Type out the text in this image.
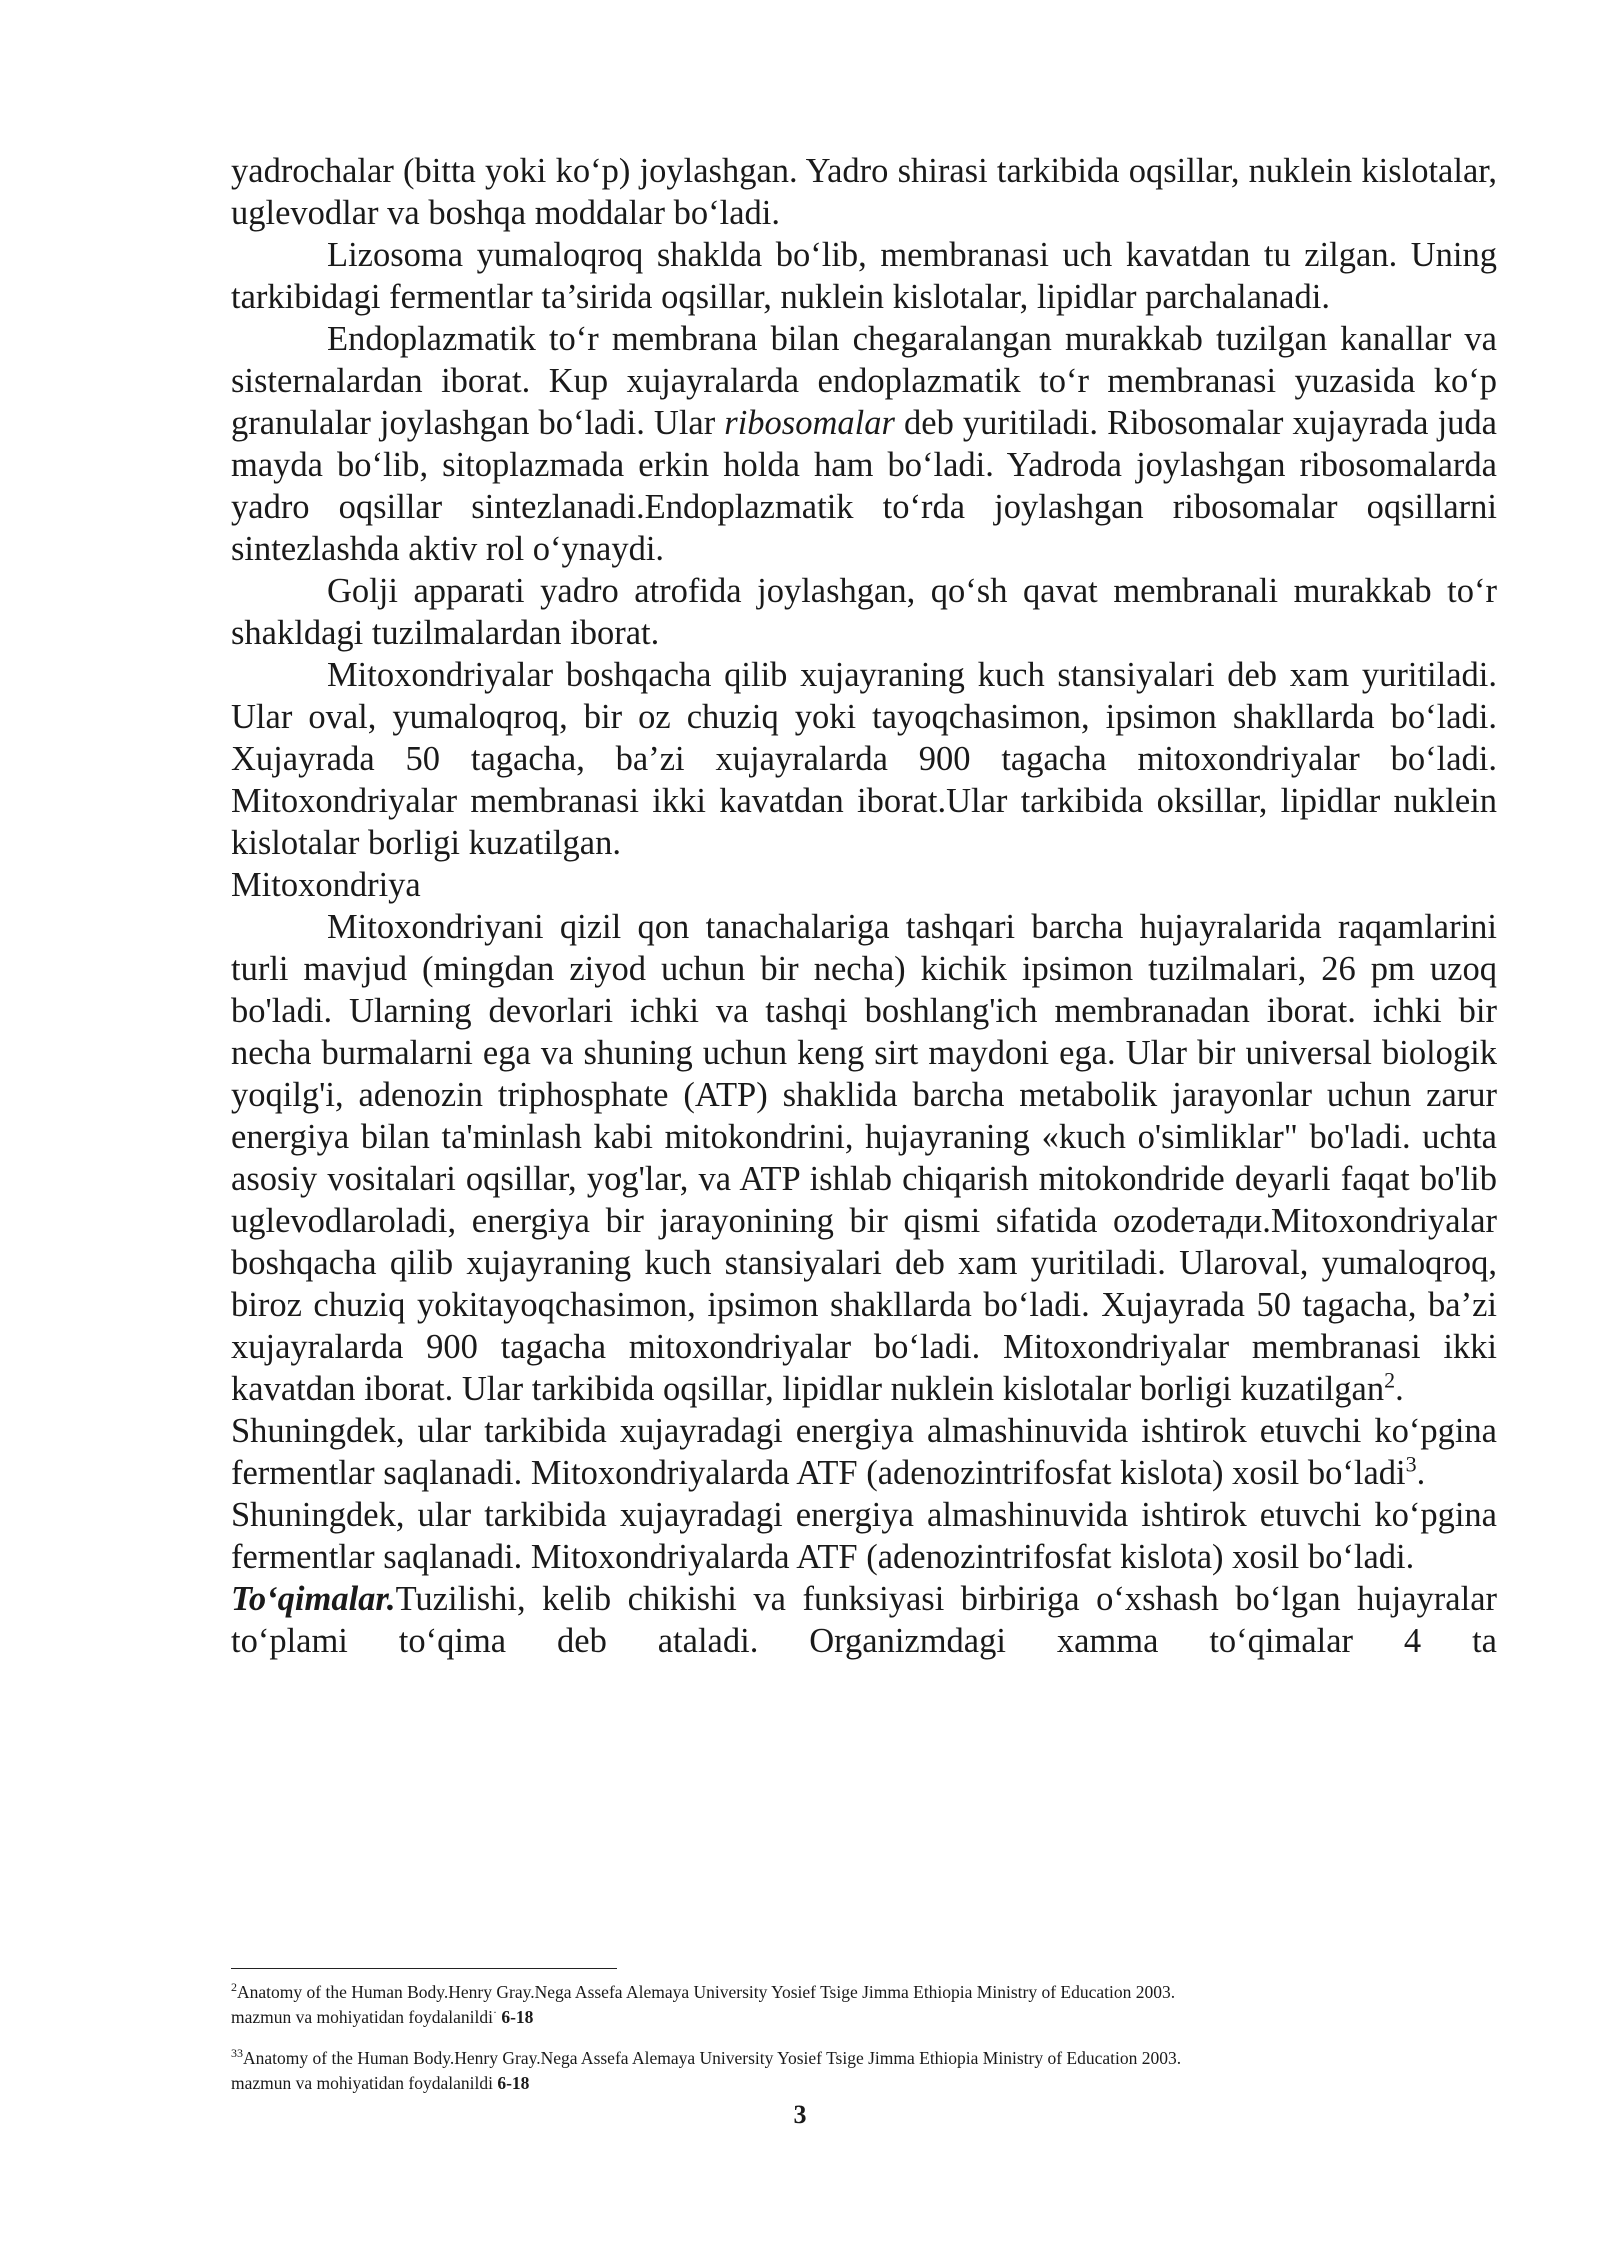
yadrochalar (bitta yoki ko‘p) joylashgan. Yadro shirasi tarkibida oqsillar, nuklein kislotalar, uglevodlar va boshqa moddalar bo‘ladi.

Lizosoma yumaloqroq shaklda bo‘lib, membranasi uch kavatdan tu zilgan. Uning tarkibidagi fermentlar ta’sirida oqsillar, nuklein kislotalar, lipidlar parchalanadi.

Endoplazmatik to‘r membrana bilan chegaralangan murakkab tuzilgan kanallar va sisternalardan iborat. Kup xujayralarda endoplazmatik to‘r membranasi yuzasida ko‘p granulalar joylashgan bo‘ladi. Ular ribosomalar deb yuritiladi. Ribosomalar xujayrada juda mayda bo‘lib, sitoplazmada erkin holda ham bo‘ladi. Yadroda joylashgan ribosomalarda yadro oqsillar sintezlanadi.Endoplazmatik to‘rda joylashgan ribosomalar oqsillarni sintezlashda aktiv rol o‘ynaydi.

Golji apparati yadro atrofida joylashgan, qo‘sh qavat membranali murakkab to‘r shakldagi tuzilmalardan iborat.

Mitoxondriyalar boshqacha qilib xujayraning kuch stansiyalari deb xam yuritiladi. Ular oval, yumaloqroq, bir oz chuziq yoki tayoqchasimon, ipsimon shakllarda bo‘ladi. Xujayrada 50 tagacha, ba’zi xujayralarda 900 tagacha mitoxondriyalar bo‘ladi. Mitoxondriyalar membranasi ikki kavatdan iborat.Ular tarkibida oksillar, lipidlar nuklein kislotalar borligi kuzatilgan.

Mitoxondriya

Mitoxondriyani qizil qon tanachalariga tashqari barcha hujayralarida raqamlarini turli mavjud (mingdan ziyod uchun bir necha) kichik ipsimon tuzilmalari, 26 pm uzoq bo'ladi. Ularning devorlari ichki va tashqi boshlang'ich membranadan iborat. ichki bir necha burmalarni ega va shuning uchun keng sirt maydoni ega. Ular bir universal biologik yoqilg'i, adenozin triphosphate (ATP) shaklida barcha metabolik jarayonlar uchun zarur energiya bilan ta'minlash kabi mitokondrini, hujayraning «kuch o'simliklar" bo'ladi. uchta asosiy vositalari oqsillar, yog'lar, va ATP ishlab chiqarish mitokondride deyarli faqat bo'lib uglevodlaroladi, energiya bir jarayonining bir qismi sifatida ozodeтади.Mitoxondriyalar boshqacha qilib xujayraning kuch stansiyalari deb xam yuritiladi. Ularoval, yumaloqroq, biroz chuziq yokitayoqchasimon, ipsimon shakllarda bo‘ladi. Xujayrada 50 tagacha, ba’zi xujayralarda 900 tagacha mitoxondriyalar bo‘ladi. Mitoxondriyalar membranasi ikki kavatdan iborat. Ular tarkibida oqsillar, lipidlar nuklein kislotalar borligi kuzatilgan$^2$.

Shuningdek, ular tarkibida xujayradagi energiya almashinuvida ishtirok etuvchi ko‘pgina fermentlar saqlanadi. Mitoxondriyalarda ATF (adenozintrifosfat kislota) xosil bo‘ladi$^3$.

Shuningdek, ular tarkibida xujayradagi energiya almashinuvida ishtirok etuvchi ko‘pgina fermentlar saqlanadi. Mitoxondriyalarda ATF (adenozintrifosfat kislota) xosil bo‘ladi.

To‘qimalar.Tuzilishi, kelib chikishi va funksiyasi birbiriga o‘xshash bo‘lgan hujayralar to‘plami to‘qima deb ataladi. Organizmdagi xamma to‘qimalar 4 ta

$^2$Anatomy of the Human Body.Henry Gray.Nega Assefa Alemaya University Yosief Tsige Jimma Ethiopia Ministry of Education 2003.
mazmun va mohiyatidan foydalanildi· 6-18
$^{33}$Anatomy of the Human Body.Henry Gray.Nega Assefa Alemaya University Yosief Tsige Jimma Ethiopia Ministry of Education 2003.
mazmun va mohiyatidan foydalanildi 6-18
3
